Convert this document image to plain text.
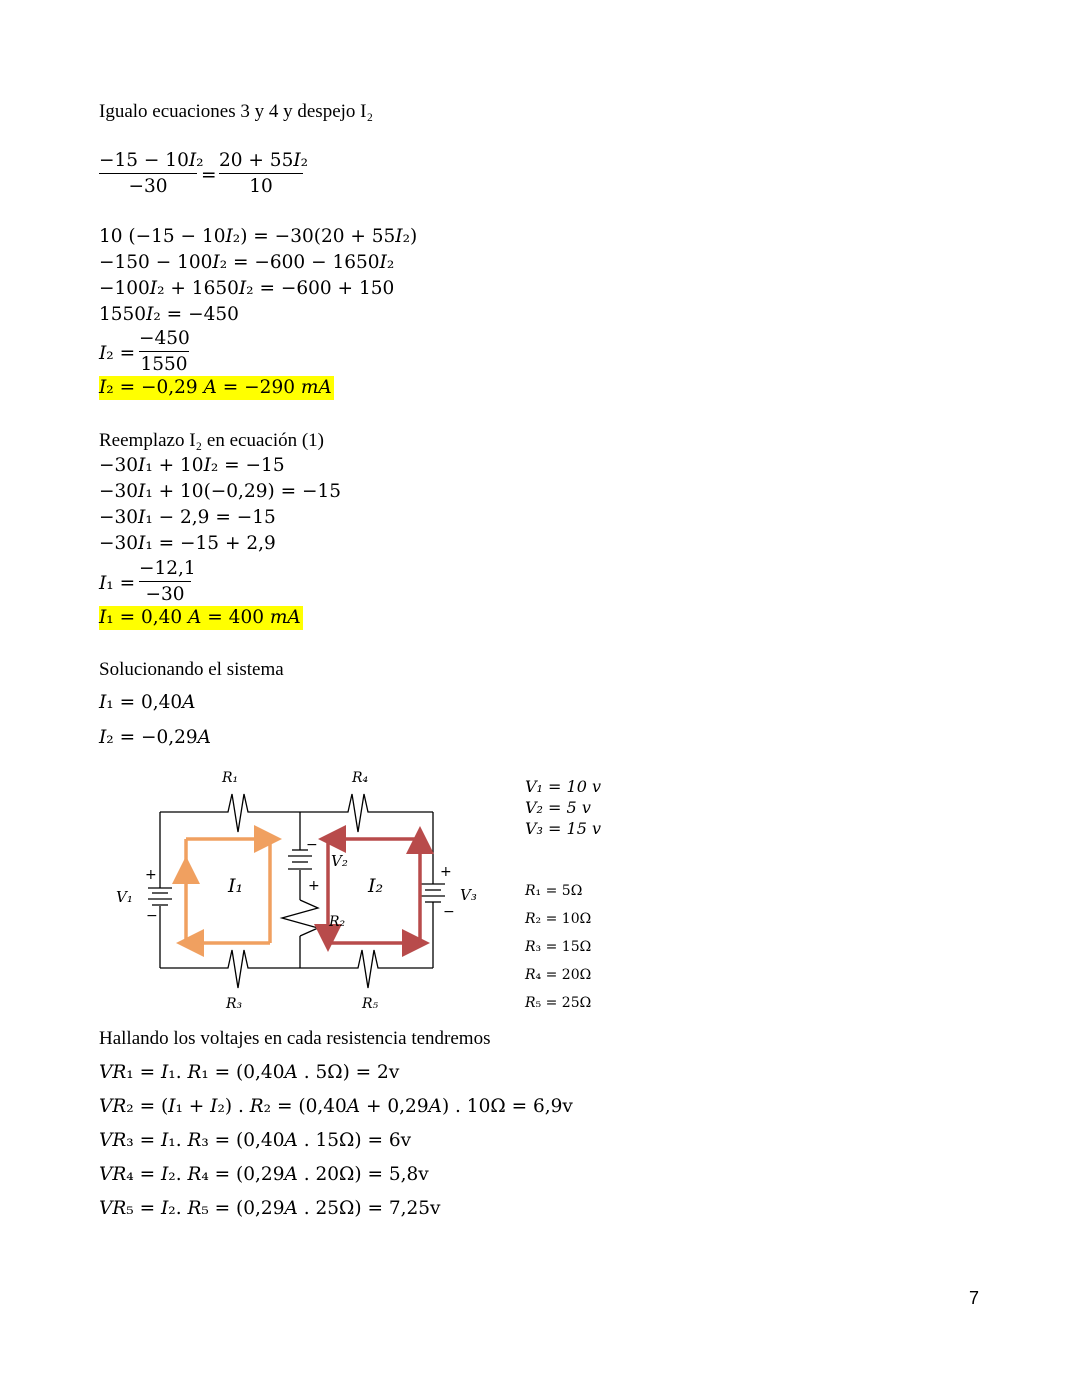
Igualo ecuaciones 3 y 4 y despejo I₂
−15 − 10𝐼₂
−30
=
20 + 55𝐼₂
10
10 (−15 − 10𝐼₂) = −30(20 + 55𝐼₂)
−150 − 100𝐼₂ = −600 − 1650𝐼₂
−100𝐼₂ + 1650𝐼₂ = −600 + 150
1550𝐼₂ = −450
𝐼₂ =
−450
1550
𝐼₂ = −0,29 𝐴 = −290 𝑚𝐴
Reemplazo I₂ en ecuación (1)
−30𝐼₁ + 10𝐼₂ = −15
−30𝐼₁ + 10(−0,29) = −15
−30𝐼₁ − 2,9 = −15
−30𝐼₁ = −15 + 2,9
𝐼₁ =
−12,1
−30
𝐼₁ = 0,40 𝐴 = 400 𝑚𝐴
Solucionando el sistema
𝐼₁ = 0,40𝐴
𝐼₂ = −0,29𝐴
𝑅₁	𝑅₄
𝑅₃	𝑅₅
𝑅₂
𝑉₁
𝑉₂
𝑉₃
𝐼₁	𝐼₂
+
−
−
+
+
−
𝑉₁ = 10 𝑣
𝑉₂ = 5 𝑣
𝑉₃ = 15 𝑣
𝑅₁ = 5Ω
𝑅₂ = 10Ω
𝑅₃ = 15Ω
𝑅₄ = 20Ω
𝑅₅ = 25Ω
Hallando los voltajes en cada resistencia tendremos
𝑉𝑅₁ = 𝐼₁. 𝑅₁ = (0,40𝐴 . 5Ω) = 2v
𝑉𝑅₂ = (𝐼₁ + 𝐼₂) . 𝑅₂ = (0,40𝐴 + 0,29𝐴) . 10Ω = 6,9v
𝑉𝑅₃ = 𝐼₁. 𝑅₃ = (0,40𝐴 . 15Ω) = 6v
𝑉𝑅₄ = 𝐼₂. 𝑅₄ = (0,29𝐴 . 20Ω) = 5,8v
𝑉𝑅₅ = 𝐼₂. 𝑅₅ = (0,29𝐴 . 25Ω) = 7,25v
7
